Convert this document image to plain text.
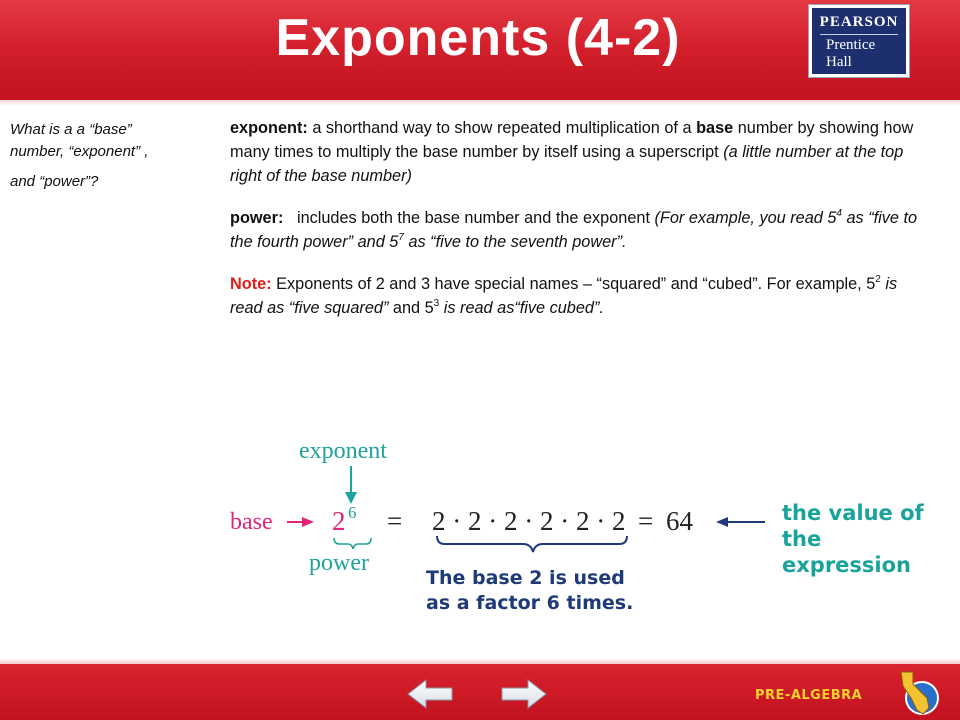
Exponents (4-2)	PEARSON
Prentice
Hall
What is a a “base”
number, “exponent” ,
and “power”?

exponent: a shorthand way to show repeated multiplication of a base number by showing how many times to multiply the base number by itself using a superscript (a little number at the top right of the base number)

power:   includes both the base number and the exponent (For example, you read $5^4$ as “five to the fourth power” and $5^7$ as “five to the seventh power”.

Note: Exponents of 2 and 3 have special names – “squared” and “cubed”. For example, $5^2$ is read as “five squared” and $5^3$ is read as“five cubed”.

exponent
base 2 6 = 2 · 2 · 2 · 2 · 2 · 2 = 64
power
the value of
the expression
The base 2 is used
as a factor 6 times.
PRE-ALGEBRA
